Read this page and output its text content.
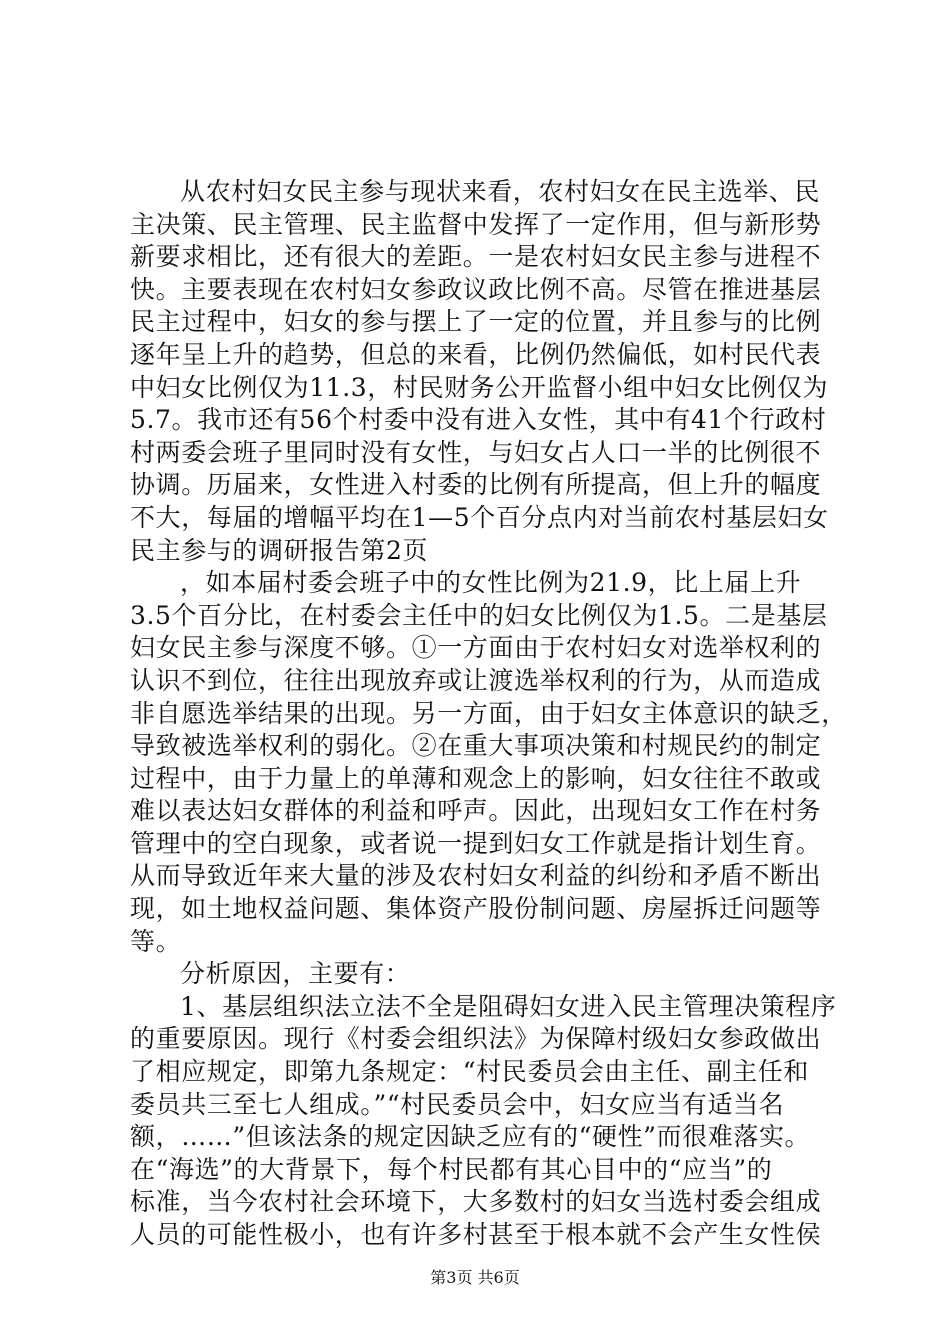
从农村妇女民主参与现状来看，农村妇女在民主选举、民
主决策、民主管理、民主监督中发挥了一定作用，但与新形势
新要求相比，还有很大的差距。一是农村妇女民主参与进程不
快。主要表现在农村妇女参政议政比例不高。尽管在推进基层
民主过程中，妇女的参与摆上了一定的位置，并且参与的比例
逐年呈上升的趋势，但总的来看，比例仍然偏低，如村民代表
中妇女比例仅为11.3，村民财务公开监督小组中妇女比例仅为
5.7。我市还有56个村委中没有进入女性，其中有41个行政村
村两委会班子里同时没有女性，与妇女占人口一半的比例很不
协调。历届来，女性进入村委的比例有所提高，但上升的幅度
不大，每届的增幅平均在1—5个百分点内对当前农村基层妇女
民主参与的调研报告第2页
，如本届村委会班子中的女性比例为21.9，比上届上升
3.5个百分比，在村委会主任中的妇女比例仅为1.5。二是基层
妇女民主参与深度不够。①一方面由于农村妇女对选举权利的
认识不到位，往往出现放弃或让渡选举权利的行为，从而造成
非自愿选举结果的出现。另一方面，由于妇女主体意识的缺乏，
导致被选举权利的弱化。②在重大事项决策和村规民约的制定
过程中，由于力量上的单薄和观念上的影响，妇女往往不敢或
难以表达妇女群体的利益和呼声。因此，出现妇女工作在村务
管理中的空白现象，或者说一提到妇女工作就是指计划生育。
从而导致近年来大量的涉及农村妇女利益的纠纷和矛盾不断出
现，如土地权益问题、集体资产股份制问题、房屋拆迁问题等
等。
分析原因，主要有：
1、基层组织法立法不全是阻碍妇女进入民主管理决策程序
的重要原因。现行《村委会组织法》为保障村级妇女参政做出
了相应规定，即第九条规定：“村民委员会由主任、副主任和
委员共三至七人组成。”“村民委员会中，妇女应当有适当名
额，……”但该法条的规定因缺乏应有的“硬性”而很难落实。
在“海选”的大背景下，每个村民都有其心目中的“应当”的
标准，当今农村社会环境下，大多数村的妇女当选村委会组成
人员的可能性极小，也有许多村甚至于根本就不会产生女性侯
第3页 共6页
